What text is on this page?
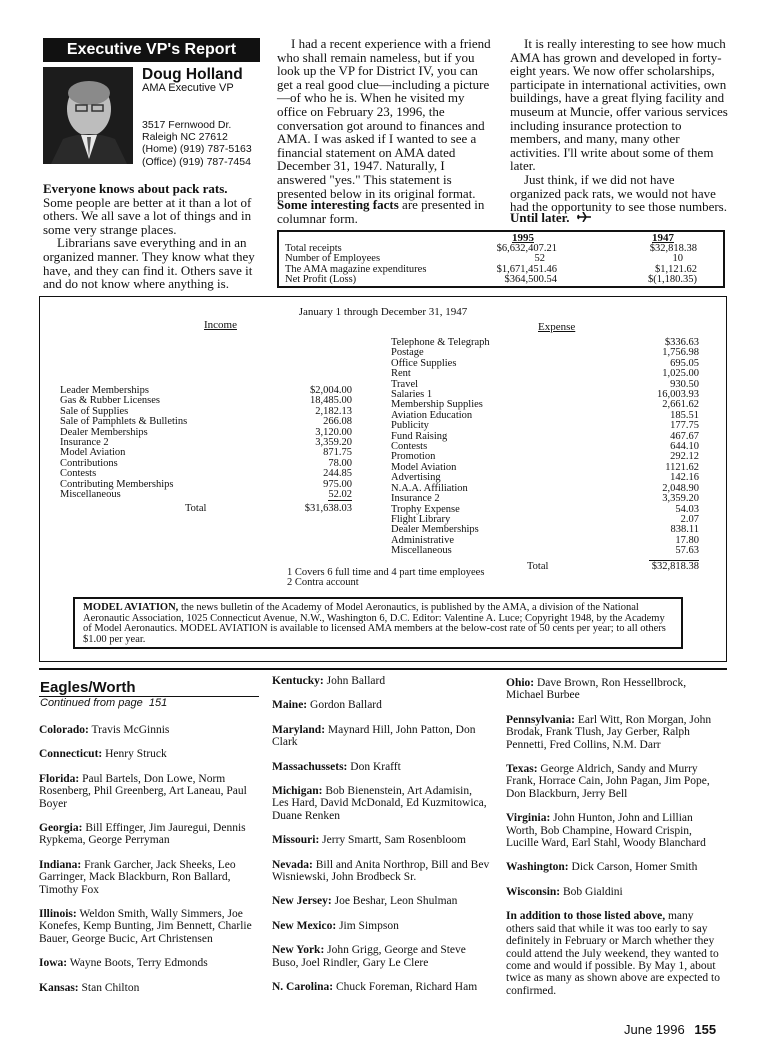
Executive VP's Report
Doug Holland
AMA Executive VP
3517 Fernwood Dr.
Raleigh NC 27612
(Home) (919) 787-5163
(Office) (919) 787-7454

Everyone knows about pack rats.

Some people are better at it than a lot of others. We all save a lot of things and in some very strange places.

Librarians save everything and in an organized manner. They know what they have, and they can find it. Others save it and do not know where anything is.

I had a recent experience with a friend who shall remain nameless, but if you look up the VP for District IV, you can get a real good clue—including a picture—of who he is. When he visited my office on February 23, 1996, the conversation got around to finances and AMA. I was asked if I wanted to see a financial statement on AMA dated December 31, 1947. Naturally, I answered "yes." This statement is presented below in its original format.

Some interesting facts are presented in columnar form.

It is really interesting to see how much AMA has grown and developed in forty-eight years. We now offer scholarships, participate in international activities, own buildings, have a great flying facility and museum at Muncie, offer various services including insurance protection to members, and many, many other activities. I'll write about some of them later.

Just think, if we did not have organized pack rats, we would not have had the opportunity to see those numbers.

Until later.
1995	1947
Total receipts	$6,632,407.21	$32,818.38
Number of Employees	52	10
The AMA magazine expenditures	$1,671,451.46	$1,121.62
Net Profit (Loss)	$364,500.54	$(1,180.35)
January 1 through December 31, 1947
Income	Expense
Leader Memberships	$2,004.00
Gas & Rubber Licenses	18,485.00
Sale of Supplies	2,182.13
Sale of Pamphlets & Bulletins	266.08
Dealer Memberships	3,120.00
Insurance 2	3,359.20
Model Aviation	871.75
Contributions	78.00
Contests	244.85
Contributing Memberships	975.00
Miscellaneous	52.02
Total	$31,638.03
Telephone & Telegraph	$336.63
Postage	1,756.98
Office Supplies	695.05
Rent	1,025.00
Travel	930.50
Salaries 1	16,003.93
Membership Supplies	2,661.62
Aviation Education	185.51
Publicity	177.75
Fund Raising	467.67
Contests	644.10
Promotion	292.12
Model Aviation	1121.62
Advertising	142.16
N.A.A. Affiliation	2,048.90
Insurance 2	3,359.20
Trophy Expense	54.03
Flight Library	2.07
Dealer Memberships	838.11
Administrative	17.80
Miscellaneous	57.63
Total	$32,818.38
1 Covers 6 full time and 4 part time employees
2 Contra account
MODEL AVIATION, the news bulletin of the Academy of Model Aeronautics, is published by the AMA, a division of the National Aeronautic Association, 1025 Connecticut Avenue, N.W., Washington 6, D.C. Editor: Valentine A. Luce; Copyright 1948, by the Academy of Model Aeronautics. MODEL AVIATION is available to licensed AMA members at the below-cost rate of 50 cents per year; to all others $1.00 per year.
Eagles/Worth
Continued from page  151

Colorado: Travis McGinnis

Connecticut: Henry Struck

Florida: Paul Bartels, Don Lowe, Norm Rosenberg, Phil Greenberg, Art Laneau, Paul Boyer

Georgia: Bill Effinger, Jim Jauregui, Dennis Rypkema, George Perryman

Indiana: Frank Garcher, Jack Sheeks, Leo Garringer, Mack Blackburn, Ron Ballard, Timothy Fox

Illinois: Weldon Smith, Wally Simmers, Joe Konefes, Kemp Bunting, Jim Bennett, Charlie Bauer, George Bucic, Art Christensen

Iowa: Wayne Boots, Terry Edmonds

Kansas: Stan Chilton

Kentucky: John Ballard

Maine: Gordon Ballard

Maryland: Maynard Hill, John Patton, Don Clark

Massachussets: Don Krafft

Michigan: Bob Bienenstein, Art Adamisin, Les Hard, David McDonald, Ed Kuzmitowica, Duane Renken

Missouri: Jerry Smartt, Sam Rosenbloom

Nevada: Bill and Anita Northrop, Bill and Bev Wisniewski, John Brodbeck Sr.

New Jersey: Joe Beshar, Leon Shulman

New Mexico: Jim Simpson

New York: John Grigg, George and Steve Buso, Joel Rindler, Gary Le Clere

N. Carolina: Chuck Foreman, Richard Ham

Ohio: Dave Brown, Ron Hessellbrock, Michael Burbee

Pennsylvania: Earl Witt, Ron Morgan, John Brodak, Frank Tlush, Jay Gerber, Ralph Pennetti, Fred Collins, N.M. Darr

Texas: George Aldrich, Sandy and Murry Frank, Horrace Cain, John Pagan, Jim Pope, Don Blackburn, Jerry Bell

Virginia: John Hunton, John and Lillian Worth, Bob Champine, Howard Crispin, Lucille Ward, Earl Stahl, Woody Blanchard

Washington: Dick Carson, Homer Smith

Wisconsin: Bob Gialdini

In addition to those listed above, many others said that while it was too early to say definitely in February or March whether they could attend the July weekend, they wanted to come and would if possible. By May 1, about twice as many as shown above are expected to confirmed.

June 1996 155
